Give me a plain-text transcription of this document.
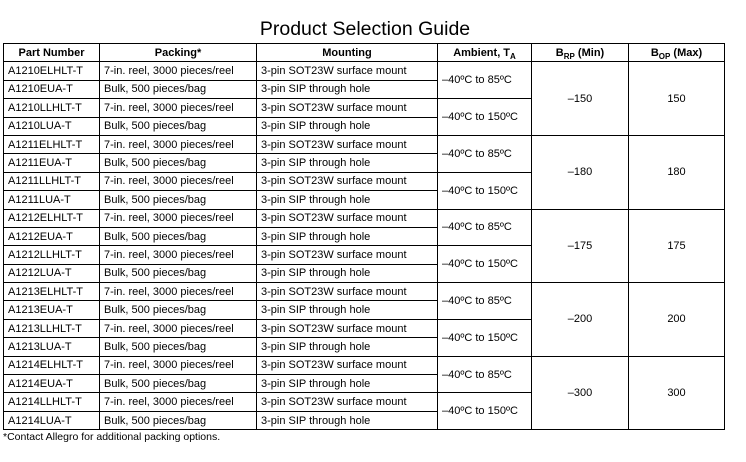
Product Selection Guide
Part Number	Packing*	Mounting	Ambient, $T_A$	$B_{RP}$ (Min)	$B_{OP}$ (Max)
A1210ELHLT-T	7-in. reel, 3000 pieces/reel	3-pin SOT23W surface mount	–40ºC to 85ºC	–150	150
A1210EUA-T	Bulk, 500 pieces/bag	3-pin SIP through hole			
A1210LLHLT-T	7-in. reel, 3000 pieces/reel	3-pin SOT23W surface mount	–40ºC to 150ºC		
A1210LUA-T	Bulk, 500 pieces/bag	3-pin SIP through hole			
A1211ELHLT-T	7-in. reel, 3000 pieces/reel	3-pin SOT23W surface mount	–40ºC to 85ºC	–180	180
A1211EUA-T	Bulk, 500 pieces/bag	3-pin SIP through hole			
A1211LLHLT-T	7-in. reel, 3000 pieces/reel	3-pin SOT23W surface mount	–40ºC to 150ºC		
A1211LUA-T	Bulk, 500 pieces/bag	3-pin SIP through hole			
A1212ELHLT-T	7-in. reel, 3000 pieces/reel	3-pin SOT23W surface mount	–40ºC to 85ºC	–175	175
A1212EUA-T	Bulk, 500 pieces/bag	3-pin SIP through hole			
A1212LLHLT-T	7-in. reel, 3000 pieces/reel	3-pin SOT23W surface mount	–40ºC to 150ºC		
A1212LUA-T	Bulk, 500 pieces/bag	3-pin SIP through hole			
A1213ELHLT-T	7-in. reel, 3000 pieces/reel	3-pin SOT23W surface mount	–40ºC to 85ºC	–200	200
A1213EUA-T	Bulk, 500 pieces/bag	3-pin SIP through hole			
A1213LLHLT-T	7-in. reel, 3000 pieces/reel	3-pin SOT23W surface mount	–40ºC to 150ºC		
A1213LUA-T	Bulk, 500 pieces/bag	3-pin SIP through hole			
A1214ELHLT-T	7-in. reel, 3000 pieces/reel	3-pin SOT23W surface mount	–40ºC to 85ºC	–300	300
A1214EUA-T	Bulk, 500 pieces/bag	3-pin SIP through hole			
A1214LLHLT-T	7-in. reel, 3000 pieces/reel	3-pin SOT23W surface mount	–40ºC to 150ºC		
A1214LUA-T	Bulk, 500 pieces/bag	3-pin SIP through hole			
*Contact Allegro for additional packing options.
